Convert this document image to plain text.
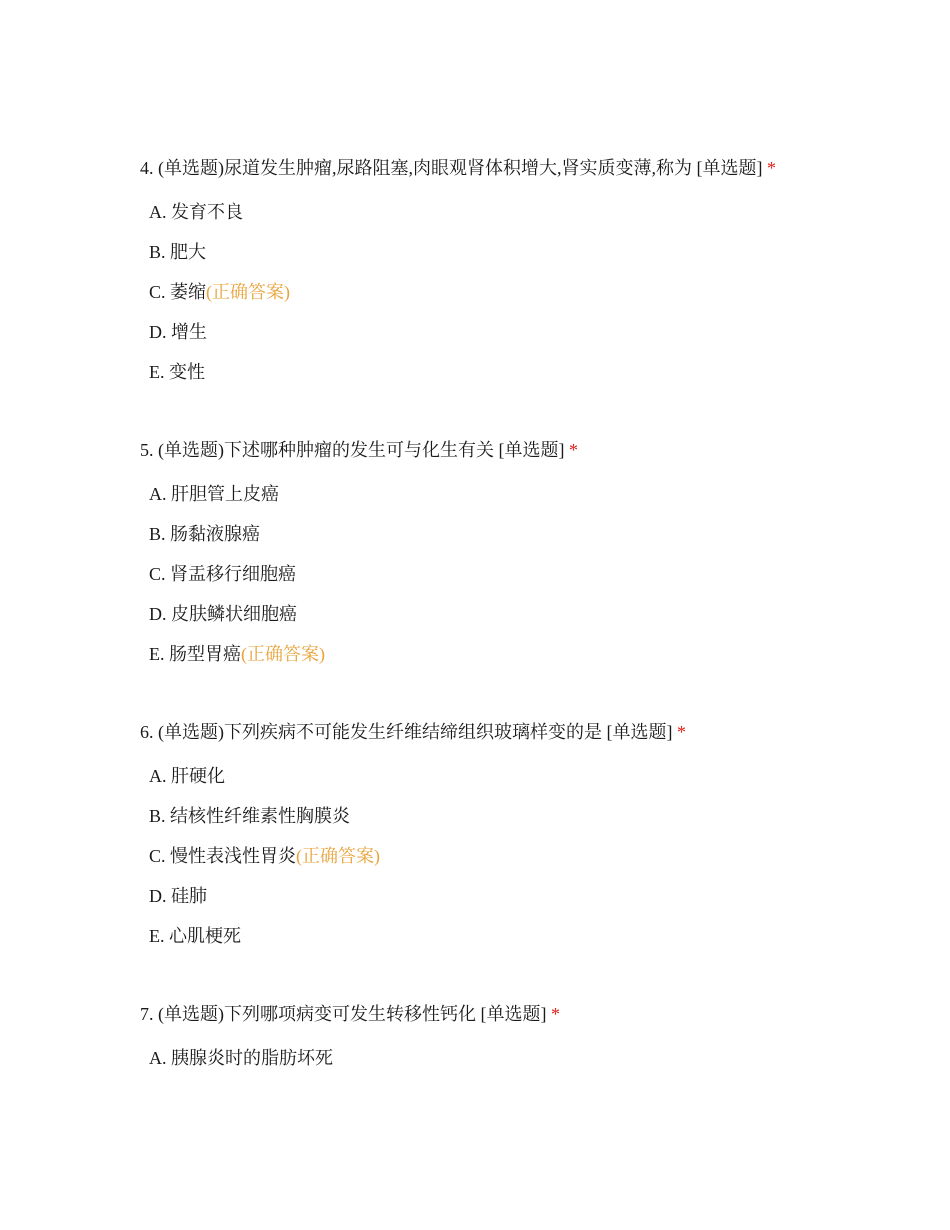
4. (单选题)尿道发生肿瘤,尿路阻塞,肉眼观肾体积增大,肾实质变薄,称为 [单选题] *

A. 发育不良
B. 肥大
C. 萎缩(正确答案)
D. 增生
E. 变性

5. (单选题)下述哪种肿瘤的发生可与化生有关 [单选题] *

A. 肝胆管上皮癌
B. 肠黏液腺癌
C. 肾盂移行细胞癌
D. 皮肤鳞状细胞癌
E. 肠型胃癌(正确答案)

6. (单选题)下列疾病不可能发生纤维结缔组织玻璃样变的是 [单选题] *

A. 肝硬化
B. 结核性纤维素性胸膜炎
C. 慢性表浅性胃炎(正确答案)
D. 硅肺
E. 心肌梗死

7. (单选题)下列哪项病变可发生转移性钙化 [单选题] *

A. 胰腺炎时的脂肪坏死
